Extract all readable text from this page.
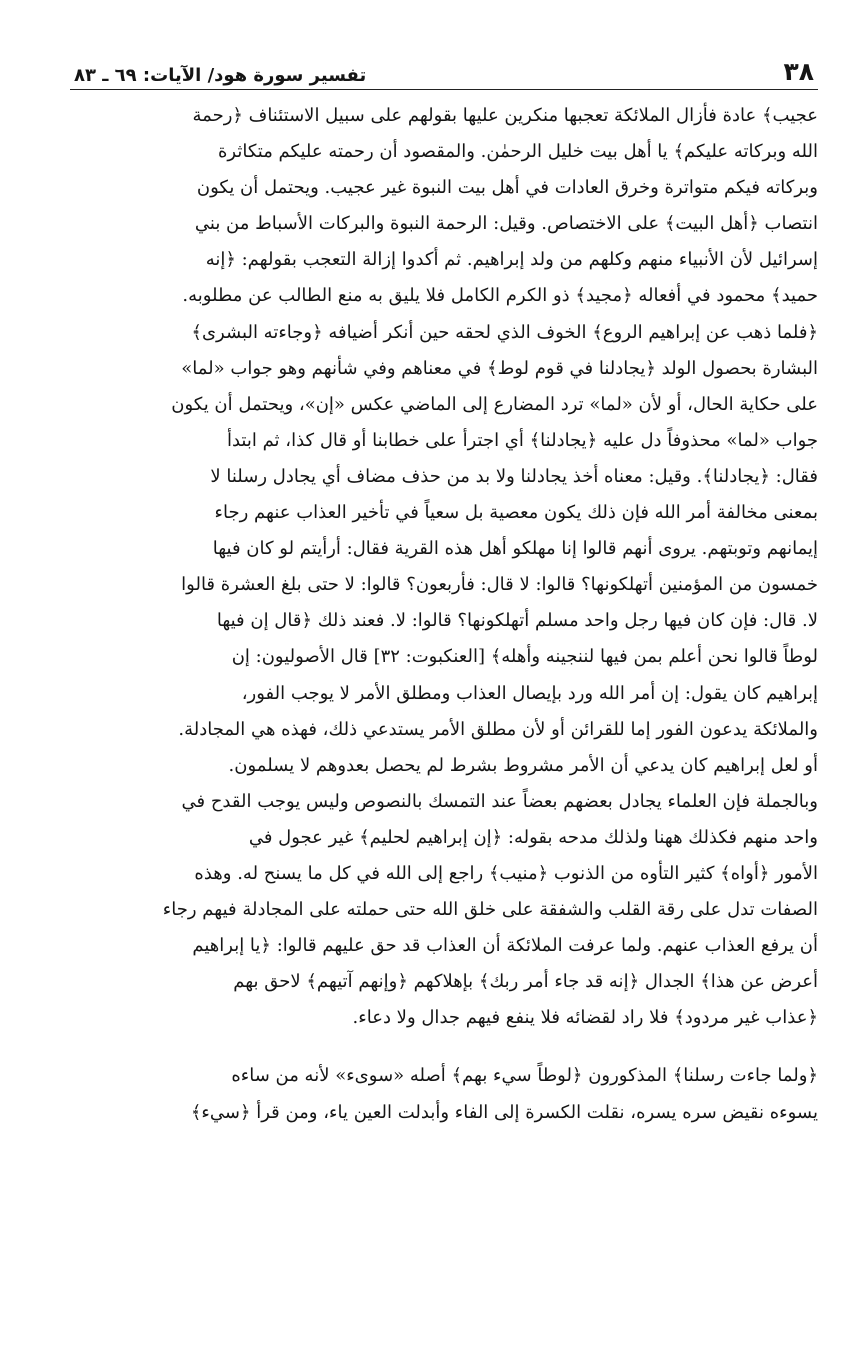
٣٨
تفسير سورة هود/ الآيات: ٦٩ ـ ٨٣
عجيب﴾ عادة فأزال الملائكة تعجبها منكرين عليها بقولهم على سبيل الاستئناف ﴿رحمة
الله وبركاته عليكم﴾ يا أهل بيت خليل الرحمٰن. والمقصود أن رحمته عليكم متكاثرة
وبركاته فيكم متواترة وخرق العادات في أهل بيت النبوة غير عجيب. ويحتمل أن يكون
انتصاب ﴿أهل البيت﴾ على الاختصاص. وقيل: الرحمة النبوة والبركات الأسباط من بني
إسرائيل لأن الأنبياء منهم وكلهم من ولد إبراهيم. ثم أكدوا إزالة التعجب بقولهم: ﴿إنه
حميد﴾ محمود في أفعاله ﴿مجيد﴾ ذو الكرم الكامل فلا يليق به منع الطالب عن مطلوبه.
﴿فلما ذهب عن إبراهيم الروع﴾ الخوف الذي لحقه حين أنكر أضيافه ﴿وجاءته البشرى﴾
البشارة بحصول الولد ﴿يجادلنا في قوم لوط﴾ في معناهم وفي شأنهم وهو جواب «لما»
على حكاية الحال، أو لأن «لما» ترد المضارع إلى الماضي عكس «إن»، ويحتمل أن يكون
جواب «لما» محذوفاً دل عليه ﴿يجادلنا﴾ أي اجترأ على خطابنا أو قال كذا، ثم ابتدأ
فقال: ﴿يجادلنا﴾. وقيل: معناه أخذ يجادلنا ولا بد من حذف مضاف أي يجادل رسلنا لا
بمعنى مخالفة أمر الله فإن ذلك يكون معصية بل سعياً في تأخير العذاب عنهم رجاء
إيمانهم وتوبتهم. يروى أنهم قالوا إنا مهلكو أهل هذه القرية فقال: أرأيتم لو كان فيها
خمسون من المؤمنين أتهلكونها؟ قالوا: لا قال: فأربعون؟ قالوا: لا حتى بلغ العشرة قالوا
لا. قال: فإن كان فيها رجل واحد مسلم أتهلكونها؟ قالوا: لا. فعند ذلك ﴿قال إن فيها
لوطاً قالوا نحن أعلم بمن فيها لننجينه وأهله﴾ [العنكبوت: ٣٢] قال الأصوليون: إن
إبراهيم كان يقول: إن أمر الله ورد بإيصال العذاب ومطلق الأمر لا يوجب الفور،
والملائكة يدعون الفور إما للقرائن أو لأن مطلق الأمر يستدعي ذلك، فهذه هي المجادلة.
أو لعل إبراهيم كان يدعي أن الأمر مشروط بشرط لم يحصل بعدوهم لا يسلمون.
وبالجملة فإن العلماء يجادل بعضهم بعضاً عند التمسك بالنصوص وليس يوجب القدح في
واحد منهم فكذلك ههنا ولذلك مدحه بقوله: ﴿إن إبراهيم لحليم﴾ غير عجول في
الأمور ﴿أواه﴾ كثير التأوه من الذنوب ﴿منيب﴾ راجع إلى الله في كل ما يسنح له. وهذه
الصفات تدل على رقة القلب والشفقة على خلق الله حتى حملته على المجادلة فيهم رجاء
أن يرفع العذاب عنهم. ولما عرفت الملائكة أن العذاب قد حق عليهم قالوا: ﴿يا إبراهيم
أعرض عن هذا﴾ الجدال ﴿إنه قد جاء أمر ربك﴾ بإهلاكهم ﴿وإنهم آتيهم﴾ لاحق بهم
﴿عذاب غير مردود﴾ فلا راد لقضائه فلا ينفع فيهم جدال ولا دعاء.
﴿ولما جاءت رسلنا﴾ المذكورون ﴿لوطاً سيء بهم﴾ أصله «سوىء» لأنه من ساءه
يسوءه نقيض سره يسره، نقلت الكسرة إلى الفاء وأبدلت العين ياء، ومن قرأ ﴿سيء﴾
